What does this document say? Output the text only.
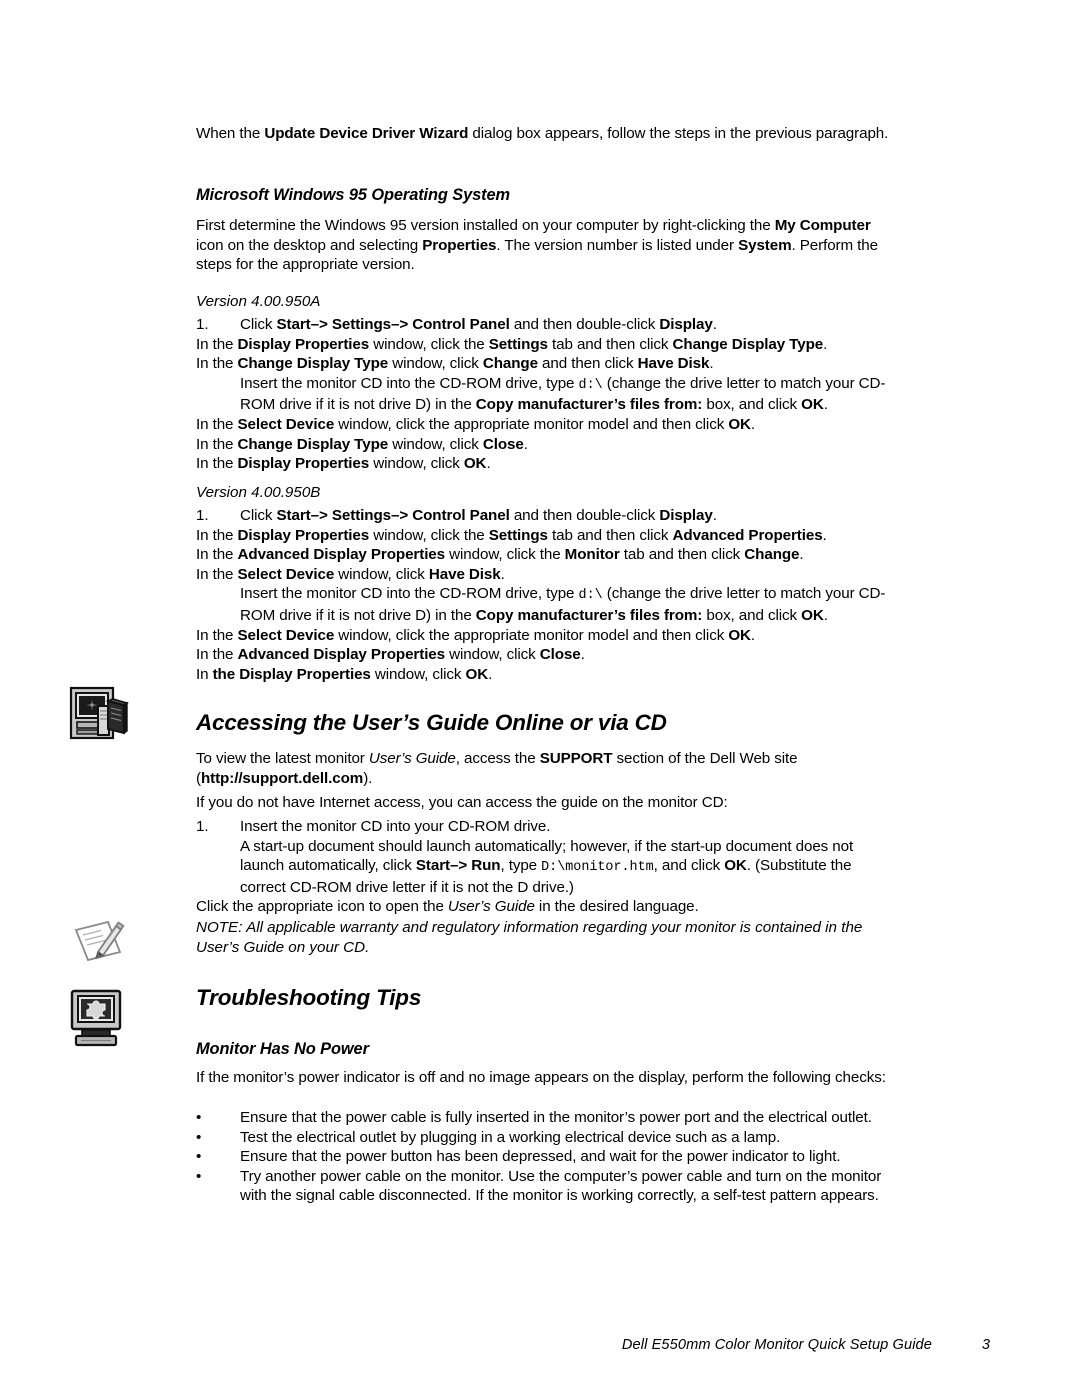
When the Update Device Driver Wizard dialog box appears, follow the steps in the previous paragraph.

Microsoft Windows 95 Operating System

First determine the Windows 95 version installed on your computer by right-clicking the My Computer icon on the desktop and selecting Properties. The version number is listed under System. Perform the steps for the appropriate version.

Version 4.00.950A

1.	Click Start–> Settings–> Control Panel and then double-click Display.
In the Display Properties window, click the Settings tab and then click Change Display Type.
In the Change Display Type window, click Change and then click Have Disk.
Insert the monitor CD into the CD-ROM drive, type d:\ (change the drive letter to match your CD-ROM drive if it is not drive D) in the Copy manufacturer’s files from: box, and click OK.
In the Select Device window, click the appropriate monitor model and then click OK.
In the Change Display Type window, click Close.
In the Display Properties window, click OK.

Version 4.00.950B

1.	Click Start–> Settings–> Control Panel and then double-click Display.
In the Display Properties window, click the Settings tab and then click Advanced Properties.
In the Advanced Display Properties window, click the Monitor tab and then click Change.
In the Select Device window, click Have Disk.
Insert the monitor CD into the CD-ROM drive, type d:\ (change the drive letter to match your CD-ROM drive if it is not drive D) in the Copy manufacturer’s files from: box, and click OK.
In the Select Device window, click the appropriate monitor model and then click OK.
In the Advanced Display Properties window, click Close.
In the Display Properties window, click OK.
Accessing the User’s Guide Online or via CD

To view the latest monitor User’s Guide, access the SUPPORT section of the Dell Web site (http://support.dell.com).

If you do not have Internet access, you can access the guide on the monitor CD:

1.	Insert the monitor CD into your CD-ROM drive.
A start-up document should launch automatically; however, if the start-up document does not launch automatically, click Start–> Run, type D:\monitor.htm, and click OK. (Substitute the correct CD-ROM drive letter if it is not the D drive.)
Click the appropriate icon to open the User’s Guide in the desired language.

NOTE: All applicable warranty and regulatory information regarding your monitor is contained in the User’s Guide on your CD.

Troubleshooting Tips

Monitor Has No Power

If the monitor’s power indicator is off and no image appears on the display, perform the following checks:

•	Ensure that the power cable is fully inserted in the monitor’s power port and the electrical outlet.
•	Test the electrical outlet by plugging in a working electrical device such as a lamp.
•	Ensure that the power button has been depressed, and wait for the power indicator to light.
•	Try another power cable on the monitor. Use the computer’s power cable and turn on the monitor with the signal cable disconnected. If the monitor is working correctly, a self-test pattern appears.
Dell E550mm Color Monitor Quick Setup Guide	3
